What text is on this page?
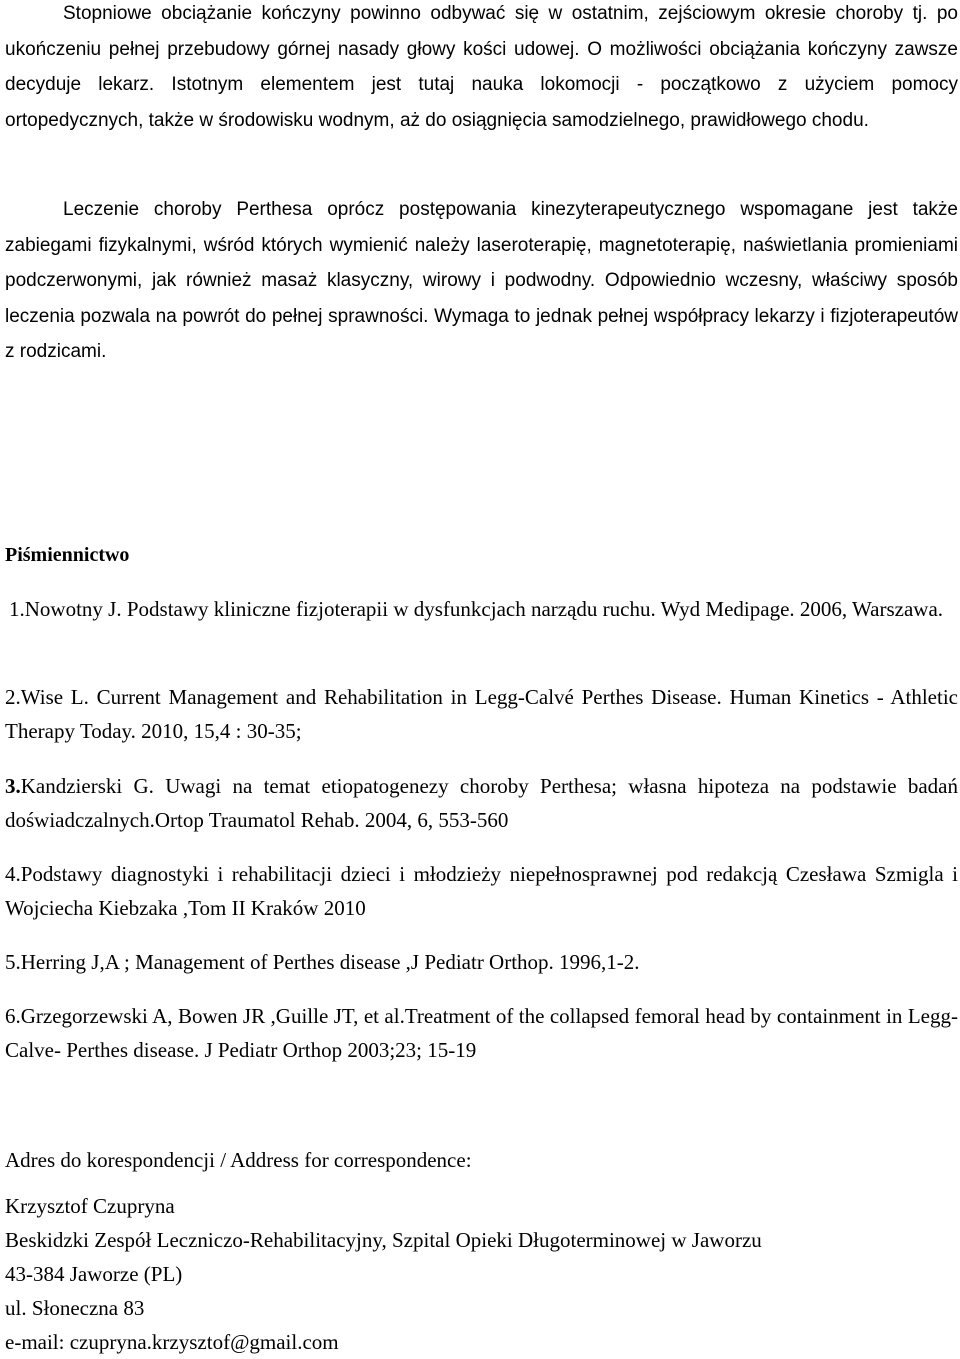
Stopniowe obciążanie kończyny powinno odbywać się w ostatnim, zejściowym okresie choroby tj. po ukończeniu pełnej przebudowy górnej nasady głowy kości udowej. O możliwości obciążania kończyny zawsze decyduje lekarz. Istotnym elementem jest tutaj nauka lokomocji - początkowo z użyciem pomocy ortopedycznych, także w środowisku wodnym, aż do osiągnięcia samodzielnego, prawidłowego chodu.

Leczenie choroby Perthesa oprócz postępowania kinezyterapeutycznego wspomagane jest także zabiegami fizykalnymi, wśród których wymienić należy laseroterapię, magnetoterapię, naświetlania promieniami podczerwonymi, jak również masaż klasyczny, wirowy i podwodny. Odpowiednio wczesny, właściwy sposób leczenia pozwala na powrót do pełnej sprawności. Wymaga to jednak pełnej współpracy lekarzy i fizjoterapeutów z rodzicami.

Piśmiennictwo

1.Nowotny J. Podstawy kliniczne fizjoterapii w dysfunkcjach narządu ruchu. Wyd Medipage. 2006, Warszawa.

2.Wise L. Current Management and Rehabilitation in Legg-Calvé Perthes Disease. Human Kinetics - Athletic Therapy Today. 2010, 15,4 : 30-35;

3.Kandzierski G. Uwagi na temat etiopatogenezy choroby Perthesa; własna hipoteza na podstawie badań doświadczalnych.Ortop Traumatol Rehab. 2004, 6, 553-560

4.Podstawy diagnostyki i rehabilitacji dzieci i młodzieży niepełnosprawnej pod redakcją Czesława Szmigla i Wojciecha Kiebzaka ,Tom II Kraków 2010

5.Herring J,A ; Management of Perthes disease ,J Pediatr Orthop. 1996,1-2.

6.Grzegorzewski A, Bowen JR ,Guille JT, et al.Treatment of the collapsed femoral head by containment in Legg- Calve- Perthes disease. J Pediatr Orthop 2003;23; 15-19

Adres do korespondencji / Address for correspondence:
Krzysztof Czupryna
Beskidzki Zespół Leczniczo-Rehabilitacyjny, Szpital Opieki Długoterminowej w Jaworzu
43-384 Jaworze (PL)
ul. Słoneczna 83
e-mail: czupryna.krzysztof@gmail.com
